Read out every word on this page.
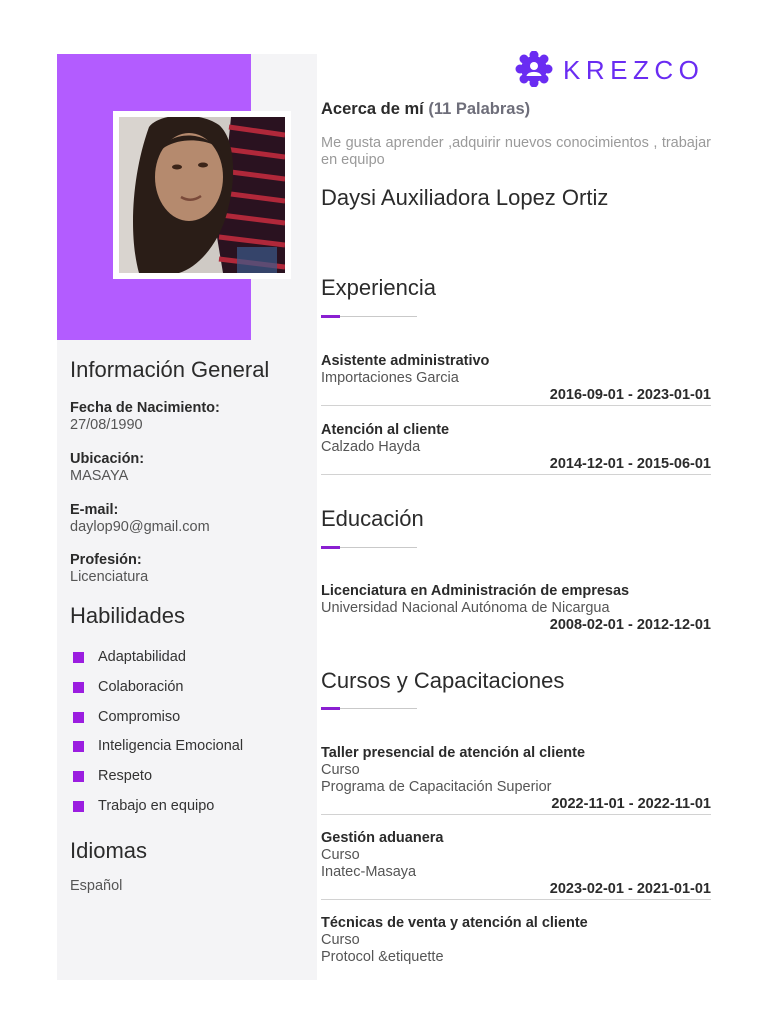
KREZCO
Acerca de mí (11 Palabras)
Me gusta aprender ,adquirir nuevos conocimientos , trabajar en equipo
Daysi Auxiliadora Lopez Ortiz
Información General
Fecha de Nacimiento:
27/08/1990
Ubicación:
MASAYA
E-mail:
daylop90@gmail.com
Profesión:
Licenciatura
Habilidades
Adaptabilidad
Colaboración
Compromiso
Inteligencia Emocional
Respeto
Trabajo en equipo
Idiomas
Español
Experiencia
Asistente administrativo
Importaciones Garcia
2016-09-01 - 2023-01-01
Atención al cliente
Calzado Hayda
2014-12-01 - 2015-06-01
Educación
Licenciatura en Administración de empresas
Universidad Nacional Autónoma de Nicargua
2008-02-01 - 2012-12-01
Cursos y Capacitaciones
Taller presencial de atención al cliente
Curso
Programa de Capacitación Superior
2022-11-01 - 2022-11-01
Gestión aduanera
Curso
Inatec-Masaya
2023-02-01 - 2021-01-01
Técnicas de venta y atención al cliente
Curso
Protocol &etiquette
